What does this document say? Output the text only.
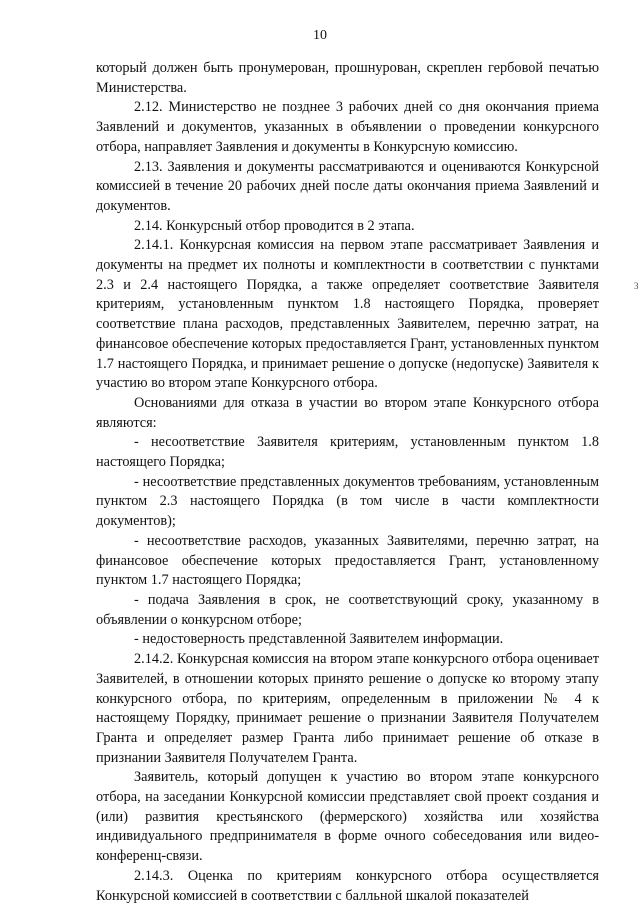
10

который должен быть пронумерован, прошнурован, скреплен гербовой печатью Министерства.

2.12. Министерство не позднее 3 рабочих дней со дня окончания приема Заявлений и документов, указанных в объявлении о проведении конкурсного отбора, направляет Заявления и документы в Конкурсную комиссию.

2.13. Заявления и документы рассматриваются и оцениваются Конкурсной комиссией в течение 20 рабочих дней после даты окончания приема Заявлений и документов.

2.14. Конкурсный отбор проводится в 2 этапа.

2.14.1. Конкурсная комиссия на первом этапе рассматривает Заявления и документы на предмет их полноты и комплектности в соответствии с пунктами 2.3 и 2.4 настоящего Порядка, а также определяет соответствие Заявителя критериям, установленным пунктом 1.8 настоящего Порядка, проверяет соответствие плана расходов, представленных Заявителем, перечню затрат, на финансовое обеспечение которых предоставляется Грант, установленных пунктом 1.7 настоящего Порядка, и принимает решение о допуске (недопуске) Заявителя к участию во втором этапе Конкурсного отбора.

Основаниями для отказа в участии во втором этапе Конкурсного отбора являются:

- несоответствие Заявителя критериям, установленным пунктом 1.8 настоящего Порядка;

- несоответствие представленных документов требованиям, установленным пунктом 2.3 настоящего Порядка (в том числе в части комплектности документов);

- несоответствие расходов, указанных Заявителями, перечню затрат, на финансовое обеспечение которых предоставляется Грант, установленному пунктом 1.7 настоящего Порядка;

- подача Заявления в срок, не соответствующий сроку, указанному в объявлении о конкурсном отборе;

- недостоверность представленной Заявителем информации.

2.14.2. Конкурсная комиссия на втором этапе конкурсного отбора оценивает Заявителей, в отношении которых принято решение о допуске ко второму этапу конкурсного отбора, по критериям, определенным в приложении № 4 к настоящему Порядку, принимает решение о признании Заявителя Получателем Гранта и определяет размер Гранта либо принимает решение об отказе в признании Заявителя Получателем Гранта.

Заявитель, который допущен к участию во втором этапе конкурсного отбора, на заседании Конкурсной комиссии представляет свой проект создания и (или) развития крестьянского (фермерского) хозяйства или хозяйства индивидуального предпринимателя в форме очного собеседования или видео-конференц-связи.

2.14.3. Оценка по критериям конкурсного отбора осуществляется Конкурсной комиссией в соответствии с балльной шкалой показателей

3
